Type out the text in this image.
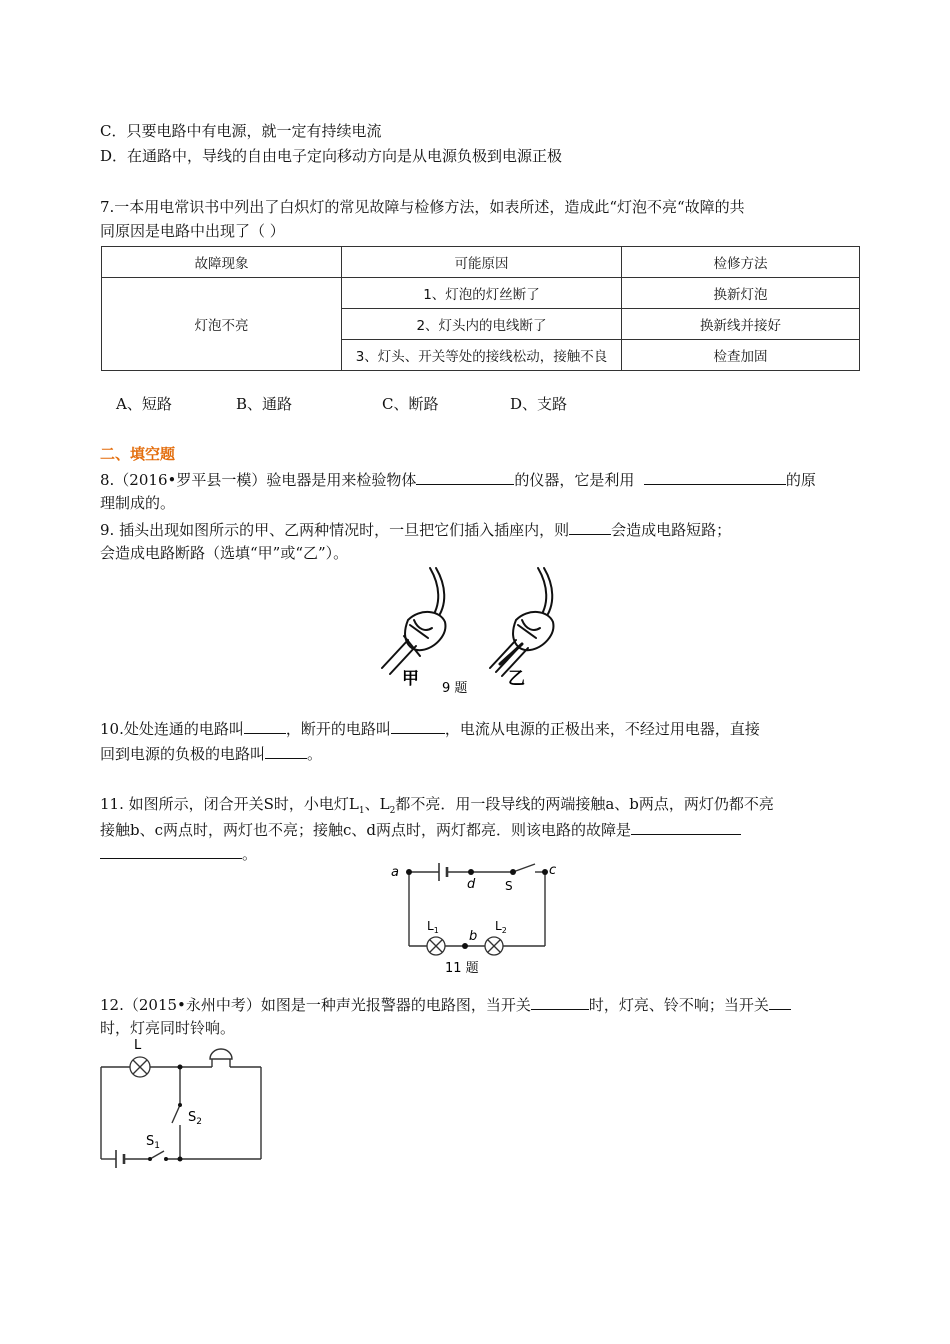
C．只要电路中有电源，就一定有持续电流
D．在通路中，导线的自由电子定向移动方向是从电源负极到电源正极
7.一本用电常识书中列出了白炽灯的常见故障与检修方法，如表所述，造成此“灯泡不亮“故障的共
同原因是电路中出现了（ ）
故障现象	可能原因	检修方法
灯泡不亮	1、灯泡的灯丝断了	换新灯泡
	2、灯头内的电线断了	换新线并接好
	3、灯头、开关等处的接线松动，接触不良	检查加固
A、短路	B、通路	C、断路	D、支路
二、填空题
8.（2016•罗平县一模）验电器是用来检验物体	的仪器，它是利用	的原
理制成的。
9. 插头出现如图所示的甲、乙两种情况时，一旦把它们插入插座内，则	会造成电路短路；
会造成电路断路（选填“甲”或“乙”）。
甲 9 题 乙
10.处处连通的电路叫	，断开的电路叫	，电流从电源的正极出来，不经过用电器，直接
回到电源的负极的电路叫	。
11. 如图所示，闭合开关S时，小电灯$L_1$、$L_2$都不亮．用一段导线的两端接触a、b两点，两灯仍都不亮
接触b、c两点时，两灯也不亮；接触c、d两点时，两灯都亮．则该电路的故障是
。
a
d S
c
b
$L_1$	$L_2$
11 题
12.（2015•永州中考）如图是一种声光报警器的电路图，当开关	时，灯亮、铃不响；当开关
时，灯亮同时铃响。
L
$S_2$
$S_1$
